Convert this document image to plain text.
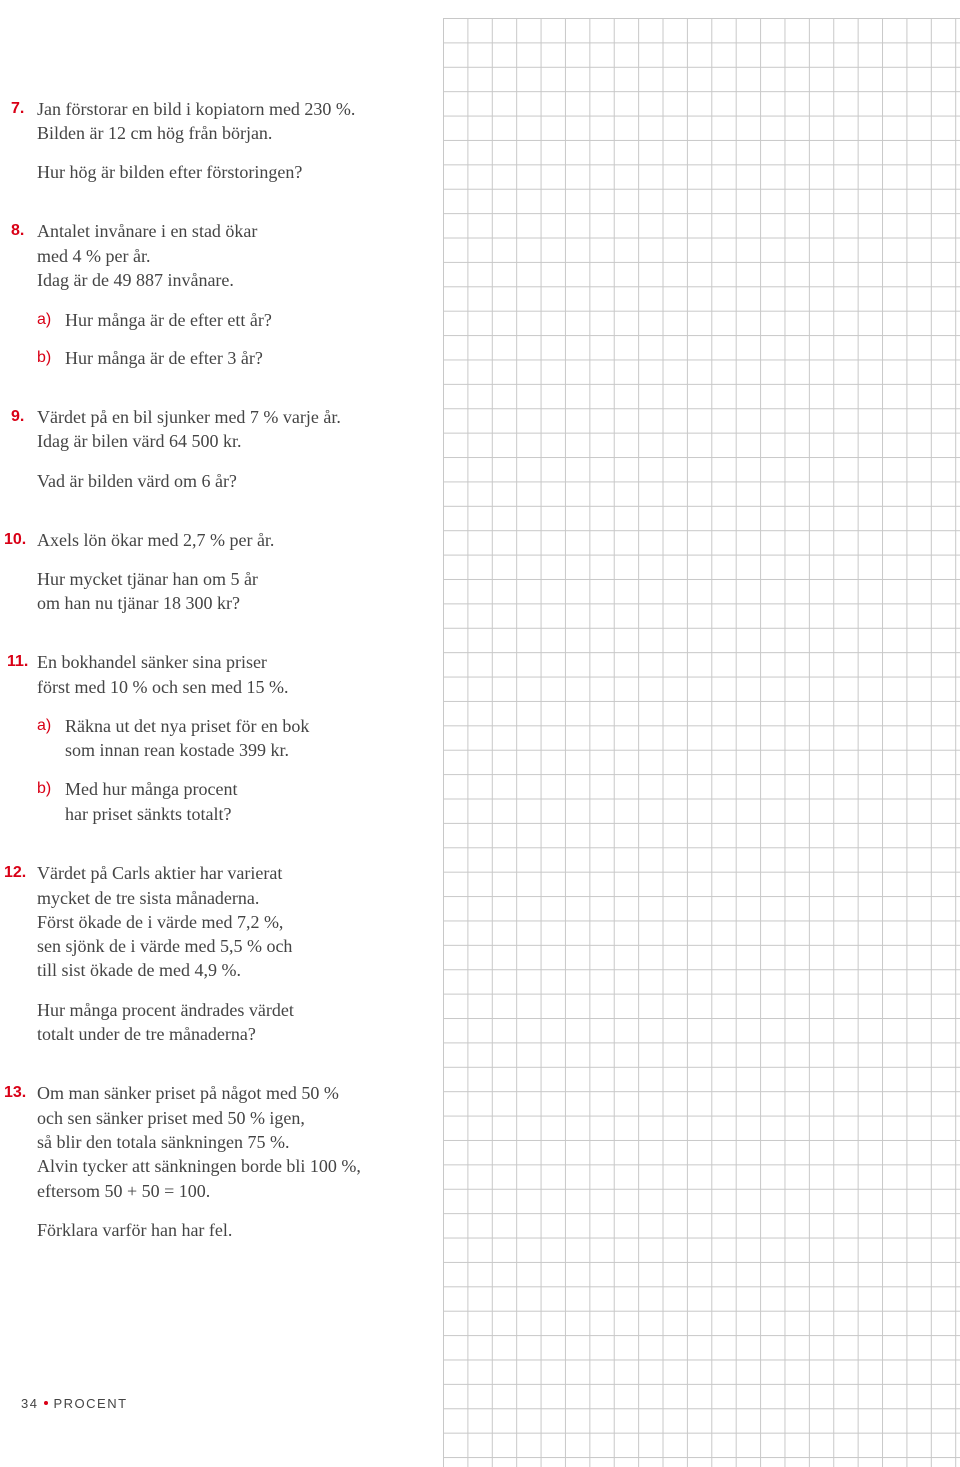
7. Jan förstorar en bild i kopiatorn med 230 %.
Bilden är 12 cm hög från början.
Hur hög är bilden efter förstoringen?
8. Antalet invånare i en stad ökar
med 4 % per år.
Idag är de 49 887 invånare.
a) Hur många är de efter ett år?
b) Hur många är de efter 3 år?
9. Värdet på en bil sjunker med 7 % varje år.
Idag är bilen värd 64 500 kr.
Vad är bilden värd om 6 år?
10. Axels lön ökar med 2,7 % per år.
Hur mycket tjänar han om 5 år
om han nu tjänar 18 300 kr?
11. En bokhandel sänker sina priser
först med 10 % och sen med 15 %.
a) Räkna ut det nya priset för en bok
som innan rean kostade 399 kr.
b) Med hur många procent
har priset sänkts totalt?
12. Värdet på Carls aktier har varierat
mycket de tre sista månaderna.
Först ökade de i värde med 7,2 %,
sen sjönk de i värde med 5,5 % och
till sist ökade de med 4,9 %.
Hur många procent ändrades värdet
totalt under de tre månaderna?
13. Om man sänker priset på något med 50 %
och sen sänker priset med 50 % igen,
så blir den totala sänkningen 75 %.
Alvin tycker att sänkningen borde bli 100 %,
eftersom 50 + 50 = 100.
Förklara varför han har fel.
34 PROCENT
